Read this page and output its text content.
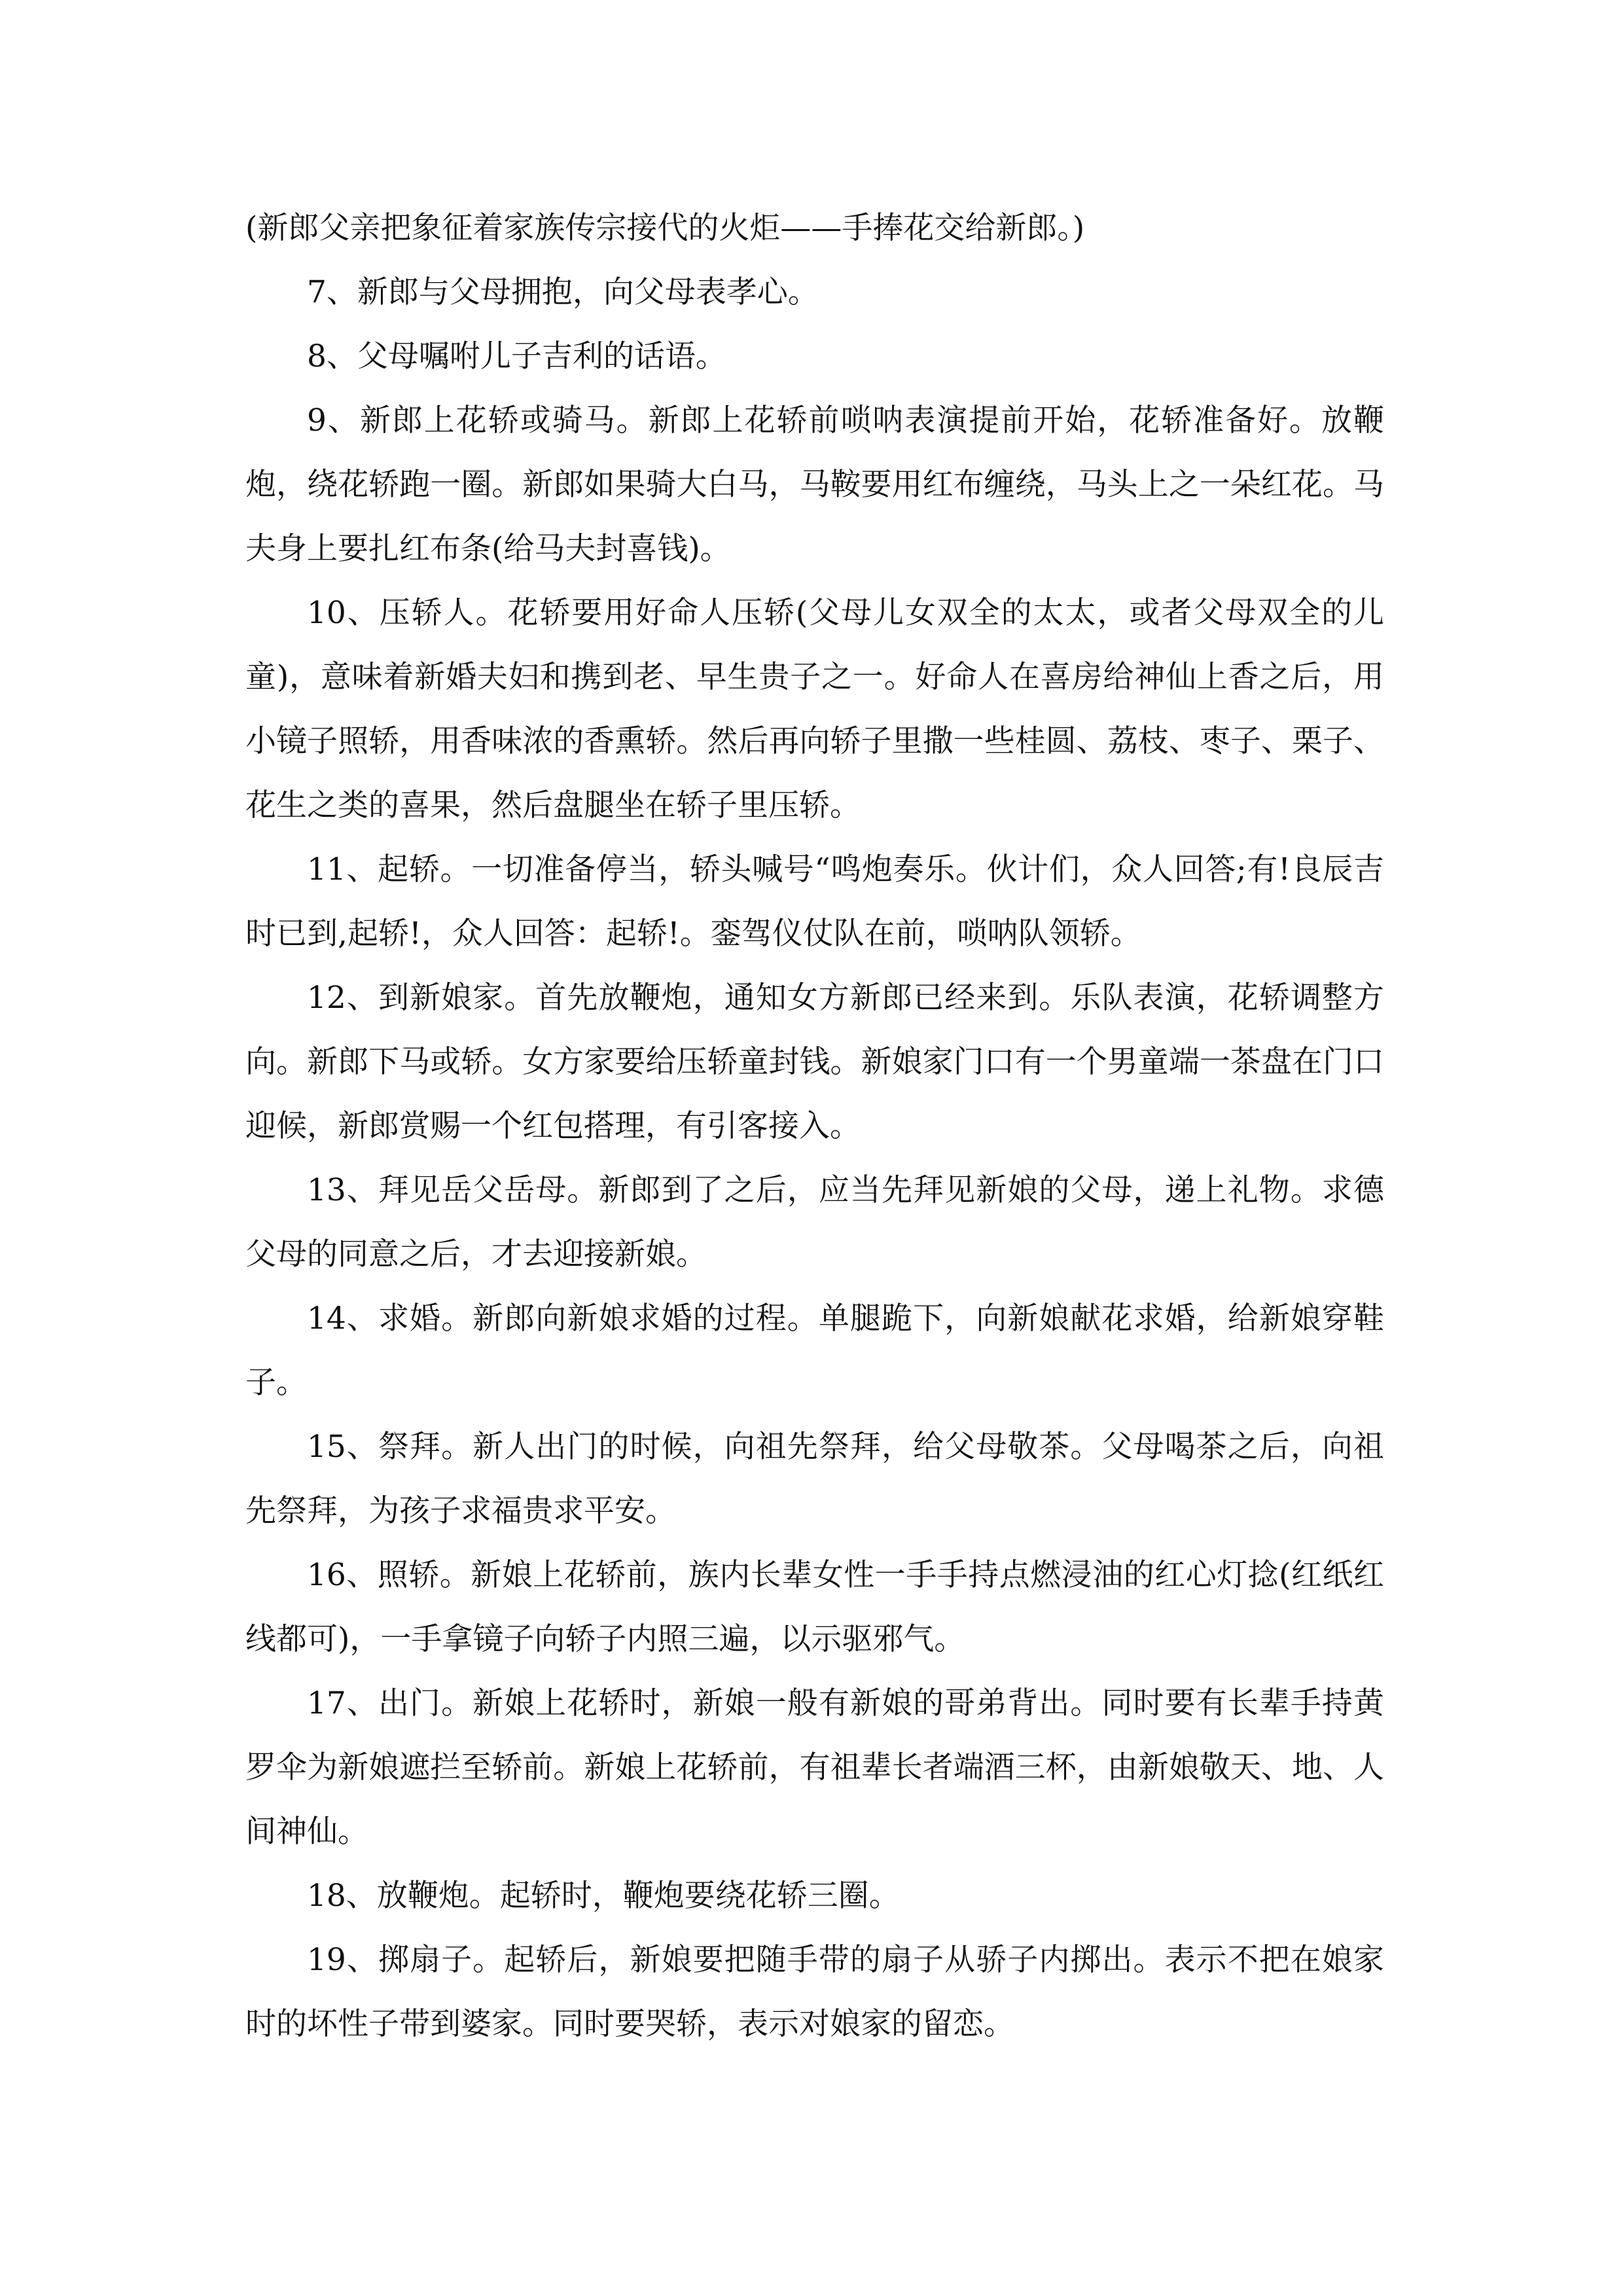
(新郎父亲把象征着家族传宗接代的火炬——手捧花交给新郎。)

7、新郎与父母拥抱，向父母表孝心。

8、父母嘱咐儿子吉利的话语。

9、新郎上花轿或骑马。新郎上花轿前唢呐表演提前开始，花轿准备好。放鞭炮，绕花轿跑一圈。新郎如果骑大白马，马鞍要用红布缠绕，马头上之一朵红花。马夫身上要扎红布条(给马夫封喜钱)。

10、压轿人。花轿要用好命人压轿(父母儿女双全的太太，或者父母双全的儿童)，意味着新婚夫妇和携到老、早生贵子之一。好命人在喜房给神仙上香之后，用小镜子照轿，用香味浓的香熏轿。然后再向轿子里撒一些桂圆、荔枝、枣子、栗子、花生之类的喜果，然后盘腿坐在轿子里压轿。

11、起轿。一切准备停当，轿头喊号“鸣炮奏乐。伙计们，众人回答;有!良辰吉时已到,起轿!，众人回答：起轿!。銮驾仪仗队在前，唢呐队领轿。

12、到新娘家。首先放鞭炮，通知女方新郎已经来到。乐队表演，花轿调整方向。新郎下马或轿。女方家要给压轿童封钱。新娘家门口有一个男童端一茶盘在门口迎候，新郎赏赐一个红包搭理，有引客接入。

13、拜见岳父岳母。新郎到了之后，应当先拜见新娘的父母，递上礼物。求德父母的同意之后，才去迎接新娘。

14、求婚。新郎向新娘求婚的过程。单腿跪下，向新娘献花求婚，给新娘穿鞋子。

15、祭拜。新人出门的时候，向祖先祭拜，给父母敬茶。父母喝茶之后，向祖先祭拜，为孩子求福贵求平安。

16、照轿。新娘上花轿前，族内长辈女性一手手持点燃浸油的红心灯捻(红纸红线都可)，一手拿镜子向轿子内照三遍，以示驱邪气。

17、出门。新娘上花轿时，新娘一般有新娘的哥弟背出。同时要有长辈手持黄罗伞为新娘遮拦至轿前。新娘上花轿前，有祖辈长者端酒三杯，由新娘敬天、地、人间神仙。

18、放鞭炮。起轿时，鞭炮要绕花轿三圈。

19、掷扇子。起轿后，新娘要把随手带的扇子从骄子内掷出。表示不把在娘家时的坏性子带到婆家。同时要哭轿，表示对娘家的留恋。
